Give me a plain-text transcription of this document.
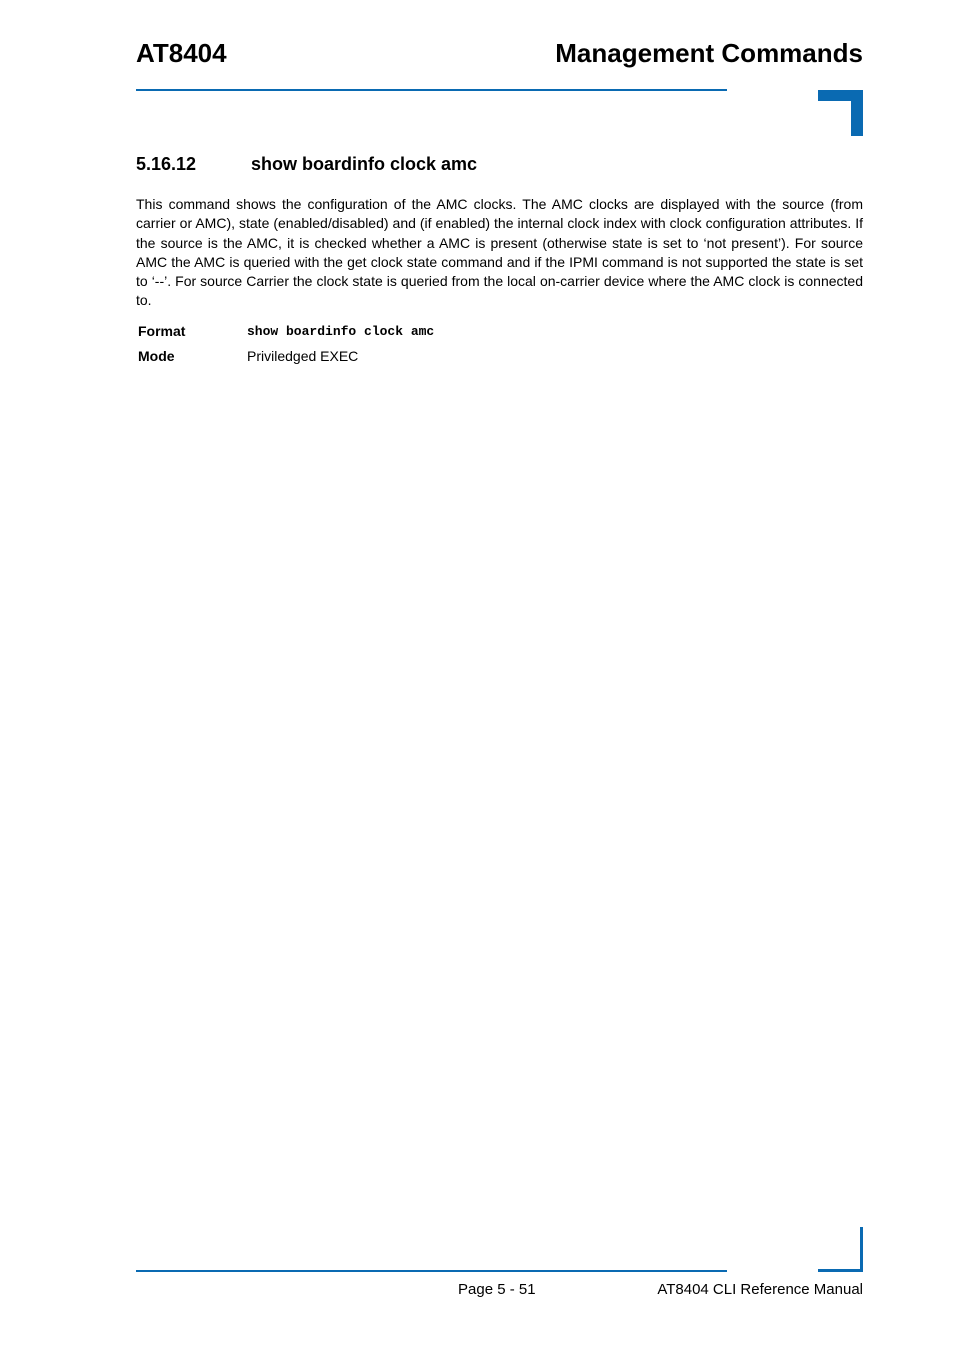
AT8404	Management Commands
5.16.12	show boardinfo clock amc
This command shows the configuration of the AMC clocks. The AMC clocks are displayed with the source (from carrier or AMC), state (enabled/disabled) and (if enabled) the internal clock index with clock configuration attributes. If the source is the AMC, it is checked whether a AMC is present (otherwise state is set to ‘not present’). For source AMC the AMC is queried with the get clock state command and if the IPMI command is not supported the state is set to ‘--’. For source Carrier the clock state is queried from the local on-carrier device where the AMC clock is connected to.
Format	show boardinfo clock amc
Mode	Priviledged EXEC
Page 5 - 51	AT8404 CLI Reference Manual
